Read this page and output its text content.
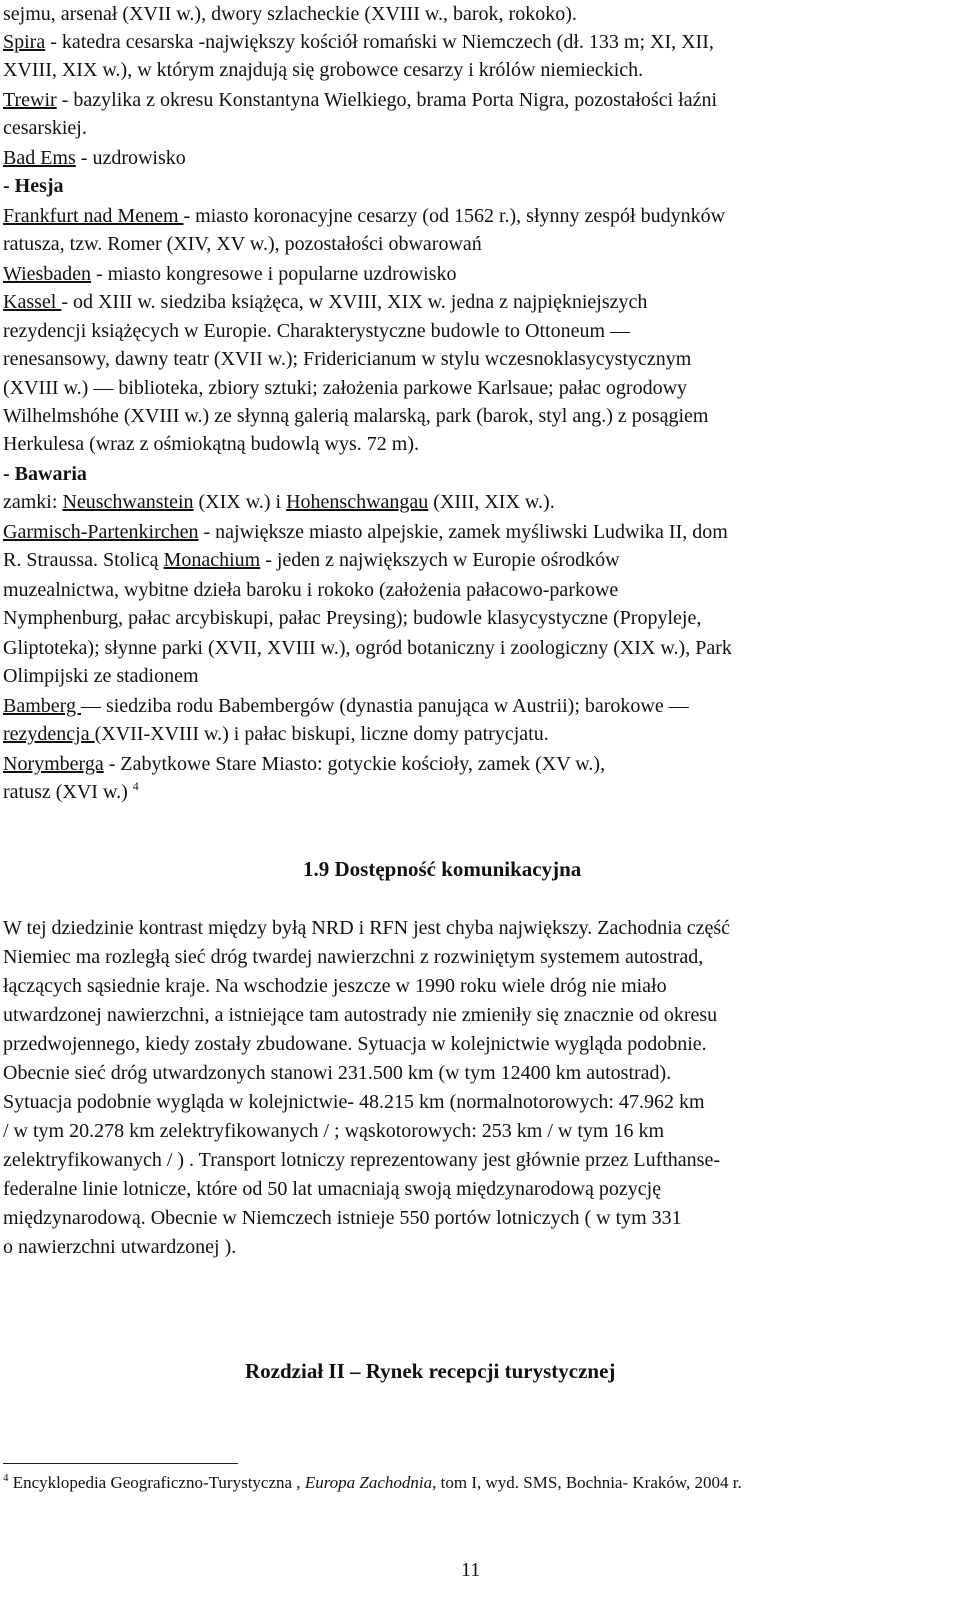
sejmu, arsenał (XVII w.), dwory szlacheckie (XVIII w., barok, rokoko).

Spira - katedra cesarska -największy kościół romański w Niemczech (dł. 133 m; XI, XII,

XVIII, XIX w.), w którym znajdują się grobowce cesarzy i królów niemieckich.

Trewir - bazylika z okresu Konstantyna Wielkiego, brama Porta Nigra, pozostałości łaźni

cesarskiej.

Bad Ems - uzdrowisko

- Hesja

Frankfurt nad Menem - miasto koronacyjne cesarzy (od 1562 r.), słynny zespół budynków

ratusza, tzw. Romer (XIV, XV w.), pozostałości obwarowań

Wiesbaden - miasto kongresowe i popularne uzdrowisko

Kassel - od XIII w. siedziba książęca, w XVIII, XIX w. jedna z najpiękniejszych

rezydencji książęcych w Europie. Charakterystyczne budowle to Ottoneum —

renesansowy, dawny teatr (XVII w.); Fridericianum w stylu wczesnoklasycystycznym

(XVIII w.) — biblioteka, zbiory sztuki; założenia parkowe Karlsaue; pałac ogrodowy

Wilhelmshóhe (XVIII w.) ze słynną galerią malarską, park (barok, styl ang.) z posągiem

Herkulesa (wraz z ośmiokątną budowlą wys. 72 m).

- Bawaria

zamki: Neuschwanstein (XIX w.) i Hohenschwangau (XIII, XIX w.).

Garmisch-Partenkirchen - największe miasto alpejskie, zamek myśliwski Ludwika II, dom

R. Straussa. Stolicą Monachium - jeden z największych w Europie ośrodków

muzealnictwa, wybitne dzieła baroku i rokoko (założenia pałacowo-parkowe

Nymphenburg, pałac arcybiskupi, pałac Preysing); budowle klasycystyczne (Propyleje,

Gliptoteka); słynne parki (XVII, XVIII w.), ogród botaniczny i zoologiczny (XIX w.), Park

Olimpijski ze stadionem

Bamberg — siedziba rodu Babembergów (dynastia panująca w Austrii); barokowe —

rezydencja (XVII-XVIII w.) i pałac biskupi, liczne domy patrycjatu.

Norymberga - Zabytkowe Stare Miasto: gotyckie kościoły, zamek (XV w.),

ratusz (XVI w.) $^4$

1.9 Dostępność komunikacyjna

W tej dziedzinie kontrast między byłą NRD i RFN jest chyba największy. Zachodnia część

Niemiec ma rozległą sieć dróg twardej nawierzchni z rozwiniętym systemem autostrad,

łączących sąsiednie kraje. Na wschodzie jeszcze w 1990 roku wiele dróg nie miało

utwardzonej nawierzchni, a istniejące tam autostrady nie zmieniły się znacznie od okresu

przedwojennego, kiedy zostały zbudowane. Sytuacja w kolejnictwie wygląda podobnie.

Obecnie sieć dróg utwardzonych stanowi 231.500 km (w tym 12400 km autostrad).

Sytuacja podobnie wygląda w kolejnictwie- 48.215 km (normalnotorowych: 47.962 km

/ w tym 20.278 km zelektryfikowanych / ; wąskotorowych: 253 km / w tym 16 km

zelektryfikowanych / ) . Transport lotniczy reprezentowany jest głównie przez Lufthanse-

federalne linie lotnicze, które od 50 lat umacniają swoją międzynarodową pozycję

międzynarodową. Obecnie w Niemczech istnieje 550 portów lotniczych ( w tym 331

o nawierzchni utwardzonej ).

Rozdział II – Rynek recepcji turystycznej

$^4$ Encyklopedia Geograficzno-Turystyczna , Europa Zachodnia, tom I, wyd. SMS, Bochnia- Kraków, 2004 r.

11
